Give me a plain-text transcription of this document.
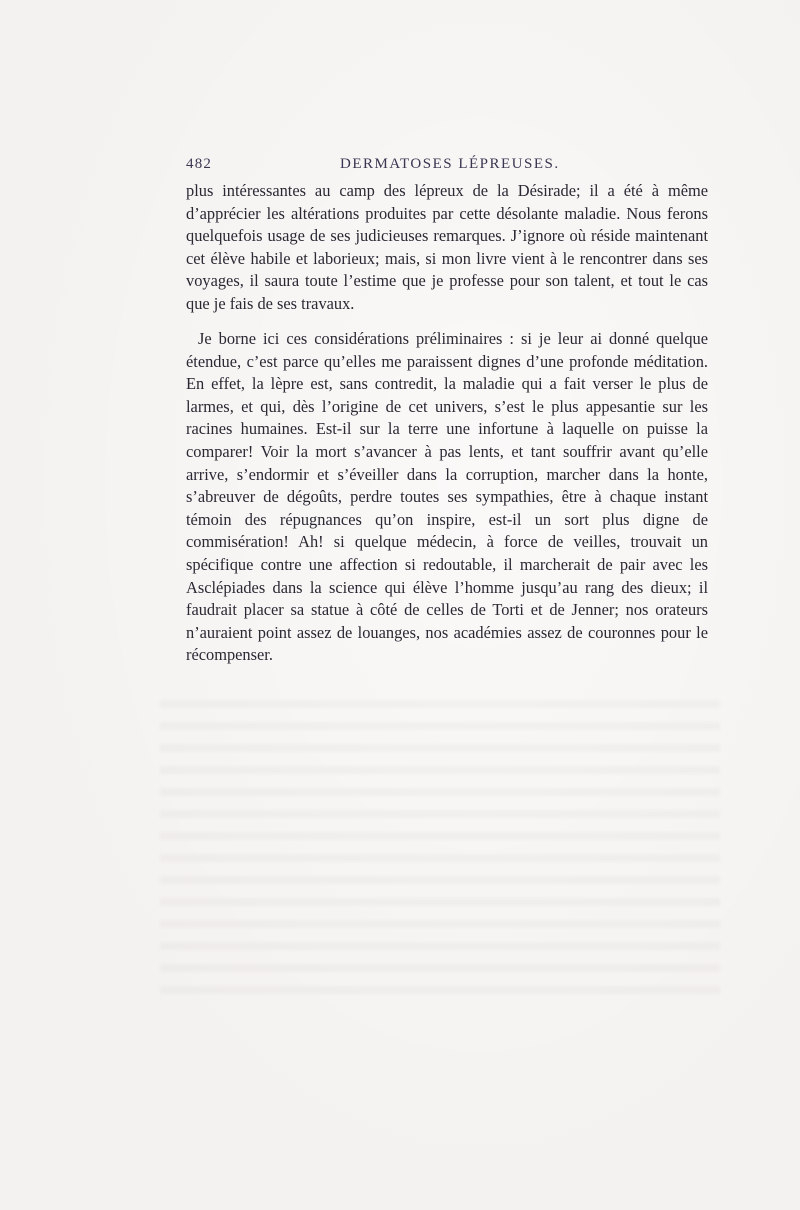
482	DERMATOSES LÉPREUSES.

plus intéressantes au camp des lépreux de la Désirade; il a été à même d’apprécier les altérations produites par cette désolante maladie. Nous ferons quelquefois usage de ses judicieuses remarques. J’ignore où réside maintenant cet élève habile et laborieux; mais, si mon livre vient à le rencontrer dans ses voyages, il saura toute l’estime que je professe pour son talent, et tout le cas que je fais de ses travaux.

Je borne ici ces considérations préliminaires : si je leur ai donné quelque étendue, c’est parce qu’elles me paraissent dignes d’une profonde méditation. En effet, la lèpre est, sans contredit, la maladie qui a fait verser le plus de larmes, et qui, dès l’origine de cet univers, s’est le plus appesantie sur les racines humaines. Est-il sur la terre une infortune à laquelle on puisse la comparer! Voir la mort s’avancer à pas lents, et tant souffrir avant qu’elle arrive, s’endormir et s’éveiller dans la corruption, marcher dans la honte, s’abreuver de dégoûts, perdre toutes ses sympathies, être à chaque instant témoin des répugnances qu’on inspire, est-il un sort plus digne de commisération! Ah! si quelque médecin, à force de veilles, trouvait un spécifique contre une affection si redoutable, il marcherait de pair avec les Asclépiades dans la science qui élève l’homme jusqu’au rang des dieux; il faudrait placer sa statue à côté de celles de Torti et de Jenner; nos orateurs n’auraient point assez de louanges, nos académies assez de couronnes pour le récompenser.
